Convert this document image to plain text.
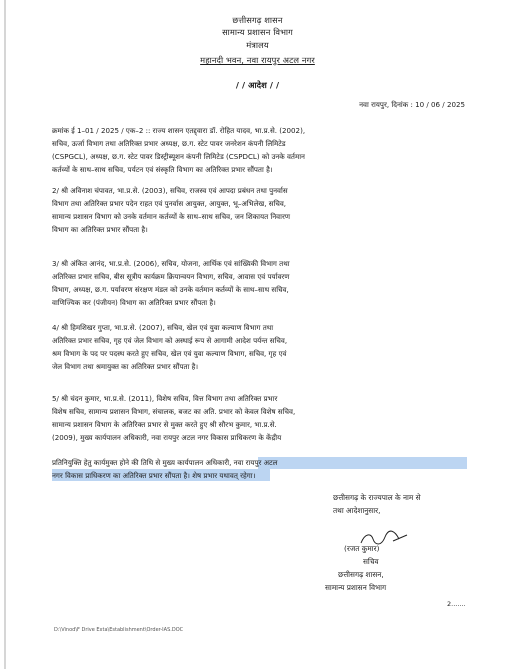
छत्तीसगढ़ शासन
सामान्य प्रशासन विभाग
मंत्रालय
महानदी भवन, नवा रायपुर अटल नगर
/ / आदेश / /
नवा रायपुर, दिनांक : 10 / 06 / 2025
क्रमांक ई 1–01 / 2025 / एक–2 :: राज्य शासन एतद्द्वारा डॉ. रोहित यादव, भा.प्र.से. (2002),
सचिव, ऊर्जा विभाग तथा अतिरिक्त प्रभार अध्यक्ष, छ.ग. स्टेट पावर जनरेशन कंपनी लिमिटेड
(CSPGCL), अध्यक्ष, छ.ग. स्टेट पावर डिस्ट्रीब्यूशन कंपनी लिमिटेड (CSPDCL) को उनके वर्तमान
कर्तव्यों के साथ–साथ सचिव, पर्यटन एवं संस्कृति विभाग का अतिरिक्त प्रभार सौंपता है।
2/ श्री अविनाश चंपावत, भा.प्र.से. (2003), सचिव, राजस्व एवं आपदा प्रबंधन तथा पुनर्वास
विभाग तथा अतिरिक्त प्रभार पदेन राहत एवं पुनर्वास आयुक्त, आयुक्त, भू–अभिलेख, सचिव,
सामान्य प्रशासन विभाग को उनके वर्तमान कर्तव्यों के साथ–साथ सचिव, जन शिकायत निवारण
विभाग का अतिरिक्त प्रभार सौंपता है।
3/ श्री अंकित आनंद, भा.प्र.से. (2006), सचिव, योजना, आर्थिक एवं सांख्यिकी विभाग तथा
अतिरिक्त प्रभार सचिव, बीस सूत्रीय कार्यक्रम क्रियान्वयन विभाग, सचिव, आवास एवं पर्यावरण
विभाग, अध्यक्ष, छ.ग. पर्यावरण संरक्षण मंडल को उनके वर्तमान कर्तव्यों के साथ–साथ सचिव,
वाणिज्यिक कर (पंजीयन) विभाग का अतिरिक्त प्रभार सौंपता है।
4/ श्री हिमशिखर गुप्ता, भा.प्र.से. (2007), सचिव, खेल एवं युवा कल्याण विभाग तथा
अतिरिक्त प्रभार सचिव, गृह एवं जेल विभाग को अस्थाई रूप से आगामी आदेश पर्यन्त सचिव,
श्रम विभाग के पद पर पदस्थ करते हुए सचिव, खेल एवं युवा कल्याण विभाग, सचिव, गृह एवं
जेल विभाग तथा श्रमायुक्त का अतिरिक्त प्रभार सौंपता है।
5/ श्री चंदन कुमार, भा.प्र.से. (2011), विशेष सचिव, वित्त विभाग तथा अतिरिक्त प्रभार
विशेष सचिव, सामान्य प्रशासन विभाग, संचालक, बजट का अति. प्रभार को केवल विशेष सचिव,
सामान्य प्रशासन विभाग के अतिरिक्त प्रभार से मुक्त करते हुए श्री सौरभ कुमार, भा.प्र.से.
(2009), मुख्य कार्यपालन अधिकारी, नवा रायपुर अटल नगर विकास प्राधिकरण के केंद्रीय
प्रतिनियुक्ति हेतु कार्यमुक्त होने की तिथि से मुख्य कार्यपालन अधिकारी, नवा रायपुर अटल
नगर विकास प्राधिकरण का अतिरिक्त प्रभार सौंपता है। शेष प्रभार यथावत् रहेगा।
छत्तीसगढ़ के राज्यपाल के नाम से
तथा आदेशानुसार,
(रजत कुमार)
सचिव
छत्तीसगढ़ शासन,
सामान्य प्रशासन विभाग
2.......
D:\Vinod\F Drive Exta\Establishment\Order-IAS.DOC
